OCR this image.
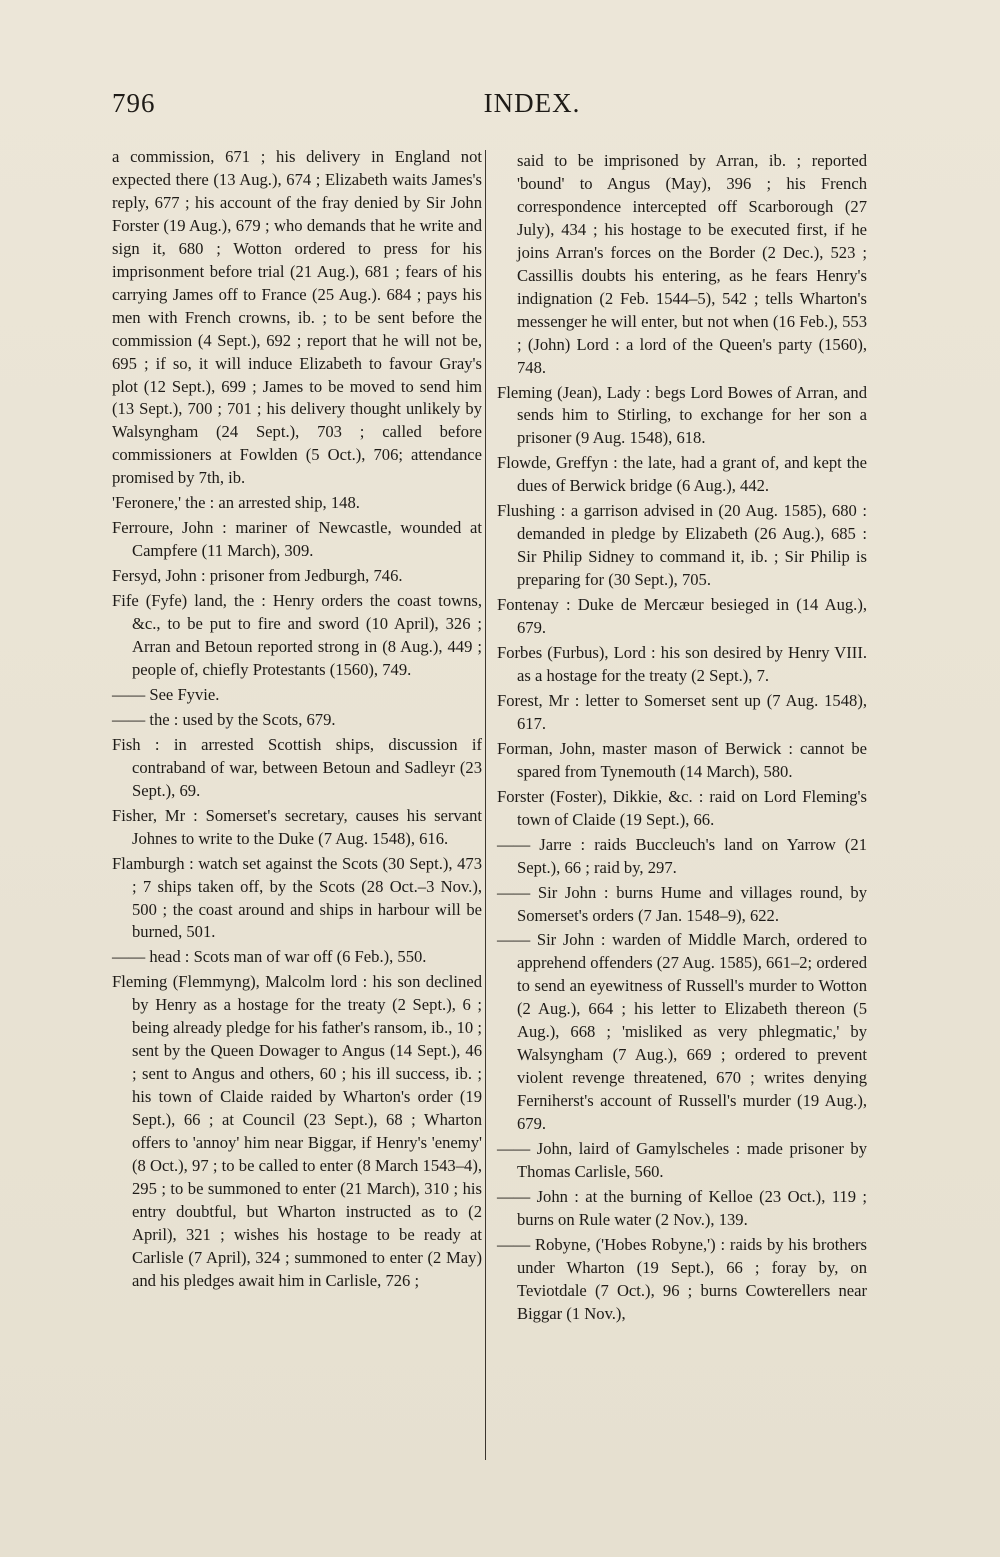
796	INDEX.

a commission, 671 ; his delivery in England not expected there (13 Aug.), 674 ; Elizabeth waits James's reply, 677 ; his account of the fray denied by Sir John Forster (19 Aug.), 679 ; who demands that he write and sign it, 680 ; Wotton ordered to press for his imprisonment before trial (21 Aug.), 681 ; fears of his carrying James off to France (25 Aug.). 684 ; pays his men with French crowns, ib. ; to be sent before the commission (4 Sept.), 692 ; report that he will not be, 695 ; if so, it will induce Elizabeth to favour Gray's plot (12 Sept.), 699 ; James to be moved to send him (13 Sept.), 700 ; 701 ; his delivery thought unlikely by Walsyngham (24 Sept.), 703 ; called before commissioners at Fowlden (5 Oct.), 706; attendance promised by 7th, ib.

'Feronere,' the : an arrested ship, 148.

Ferroure, John : mariner of Newcastle, wounded at Campfere (11 March), 309.

Fersyd, John : prisoner from Jedburgh, 746.

Fife (Fyfe) land, the : Henry orders the coast towns, &c., to be put to fire and sword (10 April), 326 ; Arran and Betoun reported strong in (8 Aug.), 449 ; people of, chiefly Protestants (1560), 749.

—— See Fyvie.

—— the : used by the Scots, 679.

Fish : in arrested Scottish ships, discussion if contraband of war, between Betoun and Sadleyr (23 Sept.), 69.

Fisher, Mr : Somerset's secretary, causes his servant Johnes to write to the Duke (7 Aug. 1548), 616.

Flamburgh : watch set against the Scots (30 Sept.), 473 ; 7 ships taken off, by the Scots (28 Oct.–3 Nov.), 500 ; the coast around and ships in harbour will be burned, 501.

—— head : Scots man of war off (6 Feb.), 550.

Fleming (Flemmyng), Malcolm lord : his son declined by Henry as a hostage for the treaty (2 Sept.), 6 ; being already pledge for his father's ransom, ib., 10 ; sent by the Queen Dowager to Angus (14 Sept.), 46 ; sent to Angus and others, 60 ; his ill success, ib. ; his town of Claide raided by Wharton's order (19 Sept.), 66 ; at Council (23 Sept.), 68 ; Wharton offers to 'annoy' him near Biggar, if Henry's 'enemy' (8 Oct.), 97 ; to be called to enter (8 March 1543–4), 295 ; to be summoned to enter (21 March), 310 ; his entry doubtful, but Wharton instructed as to (2 April), 321 ; wishes his hostage to be ready at Carlisle (7 April), 324 ; summoned to enter (2 May) and his pledges await him in Carlisle, 726 ;

said to be imprisoned by Arran, ib. ; reported 'bound' to Angus (May), 396 ; his French correspondence intercepted off Scarborough (27 July), 434 ; his hostage to be executed first, if he joins Arran's forces on the Border (2 Dec.), 523 ; Cassillis doubts his entering, as he fears Henry's indignation (2 Feb. 1544–5), 542 ; tells Wharton's messenger he will enter, but not when (16 Feb.), 553 ; (John) Lord : a lord of the Queen's party (1560), 748.

Fleming (Jean), Lady : begs Lord Bowes of Arran, and sends him to Stirling, to exchange for her son a prisoner (9 Aug. 1548), 618.

Flowde, Greffyn : the late, had a grant of, and kept the dues of Berwick bridge (6 Aug.), 442.

Flushing : a garrison advised in (20 Aug. 1585), 680 : demanded in pledge by Elizabeth (26 Aug.), 685 : Sir Philip Sidney to command it, ib. ; Sir Philip is preparing for (30 Sept.), 705.

Fontenay : Duke de Mercæur besieged in (14 Aug.), 679.

Forbes (Furbus), Lord : his son desired by Henry VIII. as a hostage for the treaty (2 Sept.), 7.

Forest, Mr : letter to Somerset sent up (7 Aug. 1548), 617.

Forman, John, master mason of Berwick : cannot be spared from Tynemouth (14 March), 580.

Forster (Foster), Dikkie, &c. : raid on Lord Fleming's town of Claide (19 Sept.), 66.

—— Jarre : raids Buccleuch's land on Yarrow (21 Sept.), 66 ; raid by, 297.

—— Sir John : burns Hume and villages round, by Somerset's orders (7 Jan. 1548–9), 622.

—— Sir John : warden of Middle March, ordered to apprehend offenders (27 Aug. 1585), 661–2; ordered to send an eyewitness of Russell's murder to Wotton (2 Aug.), 664 ; his letter to Elizabeth thereon (5 Aug.), 668 ; 'misliked as very phlegmatic,' by Walsyngham (7 Aug.), 669 ; ordered to prevent violent revenge threatened, 670 ; writes denying Ferniherst's account of Russell's murder (19 Aug.), 679.

—— John, laird of Gamylscheles : made prisoner by Thomas Carlisle, 560.

—— John : at the burning of Kelloe (23 Oct.), 119 ; burns on Rule water (2 Nov.), 139.

—— Robyne, ('Hobes Robyne,') : raids by his brothers under Wharton (19 Sept.), 66 ; foray by, on Teviotdale (7 Oct.), 96 ; burns Cowterellers near Biggar (1 Nov.),
